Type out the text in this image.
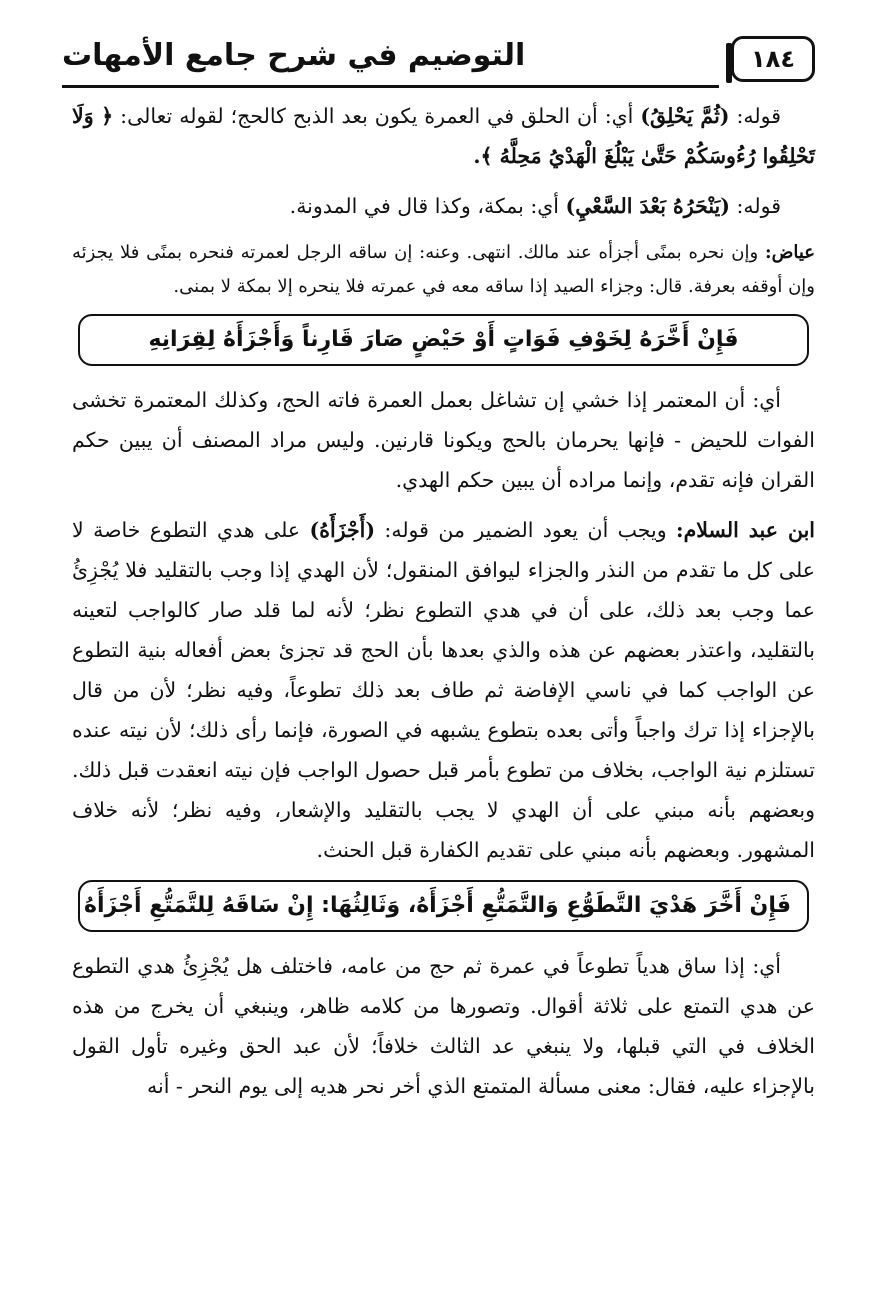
١٨٤
التوضيم في شرح جامع الأمهات

قوله: (ثُمَّ يَحْلِقُ) أي: أن الحلق في العمرة يكون بعد الذبح كالحج؛ لقوله تعالى: ﴿ وَلَا تَحْلِقُوا رُءُوسَكُمْ حَتَّىٰ يَبْلُغَ الْهَدْيُ مَحِلَّهُ ﴾.

قوله: (يَنْحَرُهُ بَعْدَ السَّعْيِ) أي: بمكة، وكذا قال في المدونة.

عياض: وإن نحره بمنًى أجزأه عند مالك. انتهى. وعنه: إن ساقه الرجل لعمرته فنحره بمنًى فلا يجزئه وإن أوقفه بعرفة. قال: وجزاء الصيد إذا ساقه معه في عمرته فلا ينحره إلا بمكة لا بمنى.

فَإِنْ أَخَّرَهُ لِخَوْفِ فَوَاتٍ أَوْ حَيْضٍ صَارَ قَارِناً وَأَجْزَأَهُ لِقِرَانِهِ

أي: أن المعتمر إذا خشي إن تشاغل بعمل العمرة فاته الحج، وكذلك المعتمرة تخشى الفوات للحيض - فإنها يحرمان بالحج ويكونا قارنين. وليس مراد المصنف أن يبين حكم القران فإنه تقدم، وإنما مراده أن يبين حكم الهدي.

ابن عبد السلام: ويجب أن يعود الضمير من قوله: (أَجْزَأَهُ) على هدي التطوع خاصة لا على كل ما تقدم من النذر والجزاء ليوافق المنقول؛ لأن الهدي إذا وجب بالتقليد فلا يُجْزِئُ عما وجب بعد ذلك، على أن في هدي التطوع نظر؛ لأنه لما قلد صار كالواجب لتعينه بالتقليد، واعتذر بعضهم عن هذه والذي بعدها بأن الحج قد تجزئ بعض أفعاله بنية التطوع عن الواجب كما في ناسي الإفاضة ثم طاف بعد ذلك تطوعاً، وفيه نظر؛ لأن من قال بالإجزاء إذا ترك واجباً وأتى بعده بتطوع يشبهه في الصورة، فإنما رأى ذلك؛ لأن نيته عنده تستلزم نية الواجب، بخلاف من تطوع بأمر قبل حصول الواجب فإن نيته انعقدت قبل ذلك. وبعضهم بأنه مبني على أن الهدي لا يجب بالتقليد والإشعار، وفيه نظر؛ لأنه خلاف المشهور. وبعضهم بأنه مبني على تقديم الكفارة قبل الحنث.

فَإِنْ أَخَّرَ هَدْيَ التَّطَوُّعِ وَالتَّمَتُّعِ أَجْزَأَهُ، وَثَالِثُهَا: إِنْ سَاقَهُ لِلتَّمَتُّعِ أَجْزَأَهُ

أي: إذا ساق هدياً تطوعاً في عمرة ثم حج من عامه، فاختلف هل يُجْزِئُ هدي التطوع عن هدي التمتع على ثلاثة أقوال. وتصورها من كلامه ظاهر، وينبغي أن يخرج من هذه الخلاف في التي قبلها، ولا ينبغي عد الثالث خلافاً؛ لأن عبد الحق وغيره تأول القول بالإجزاء عليه، فقال: معنى مسألة المتمتع الذي أخر نحر هديه إلى يوم النحر - أنه
